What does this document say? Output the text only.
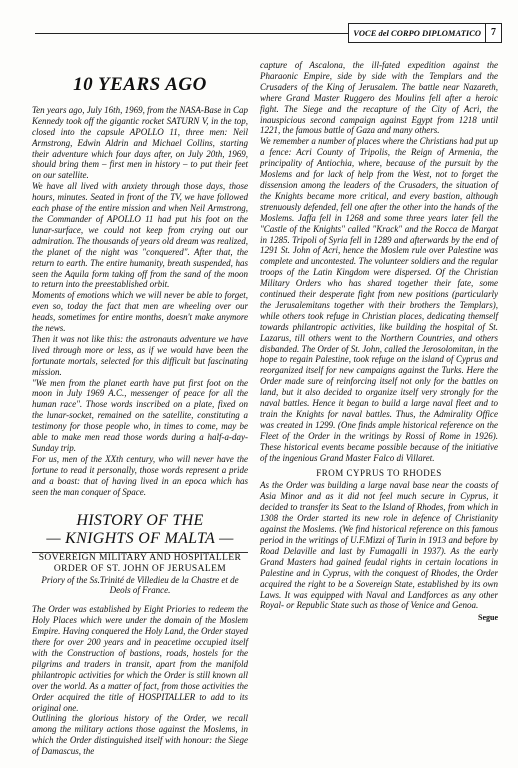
VOCE del CORPO DIPLOMATICO	7
10 YEARS AGO

Ten years ago, July 16th, 1969, from the NASA-Base in Cap Kennedy took off the gigantic rocket SATURN V, in the top, closed into the capsule APOLLO 11, three men: Neil Armstrong, Edwin Aldrin and Michael Collins, starting their adventure which four days after, on July 20th, 1969, should bring them – first men in history – to put their feet on our satellite.

We have all lived with anxiety through those days, those hours, minutes. Seated in front of the TV, we have followed each phase of the entire mission and when Neil Armstrong, the Commander of APOLLO 11 had put his foot on the lunar-surface, we could not keep from crying out our admiration. The thousands of years old dream was realized, the planet of the night was "conquered". After that, the return to earth. The entire humanity, breath suspended, has seen the Aquila form taking off from the sand of the moon to return into the preestablished orbit.

Moments of emotions which we will never be able to forget, even so, today the fact that men are wheeling over our heads, sometimes for entire months, doesn't make anymore the news.

Then it was not like this: the astronauts adventure we have lived through more or less, as if we would have been the fortunate mortals, selected for this difficult but fascinating mission.

"We men from the planet earth have put first foot on the moon in July 1969 A.C., messenger of peace for all the human race". Those words inscribed on a plate, fixed on the lunar-socket, remained on the satellite, constituting a testimony for those people who, in times to come, may be able to make men read those words during a half-a-day-Sunday trip.

For us, men of the XXth century, who will never have the fortune to read it personally, those words represent a pride and a boast: that of having lived in an epoca which has seen the man conquer of Space.

HISTORY OF THE
— KNIGHTS OF MALTA —
SOVEREIGN MILITARY AND HOSPITALLER
ORDER OF ST. JOHN OF JERUSALEM
Priory of the Ss.Trinité de Villedieu de la Chastre et de Deols of France.

The Order was established by Eight Priories to redeem the Holy Places which were under the domain of the Moslem Empire. Having conquered the Holy Land, the Order stayed there for over 200 years and in peacetime occupied itself with the Construction of bastions, roads, hostels for the pilgrims and traders in transit, apart from the manifold philantropic activities for which the Order is still known all over the world. As a matter of fact, from those activities the Order acquired the title of HOSPITALLER to add to its original one.

Outlining the glorious history of the Order, we recall among the military actions those against the Moslems, in which the Order distinguished itself with honour: the Siege of Damascus, the

capture of Ascalona, the ill-fated expedition against the Pharaonic Empire, side by side with the Templars and the Crusaders of the King of Jerusalem. The battle near Nazareth, where Grand Master Ruggero des Moulins fell after a heroic fight. The Siege and the recapture of the City of Acri, the inauspicious second campaign against Egypt from 1218 until 1221, the famous battle of Gaza and many others.

We remember a number of places where the Christians had put up a fence: Acri County of Tripolis, the Reign of Armenia, the principality of Antiochia, where, because of the pursuit by the Moslems and for lack of help from the West, not to forget the dissension among the leaders of the Crusaders, the situation of the Knights became more critical, and every bastion, although strenuously defended, fell one after the other into the hands of the Moslems. Jaffa fell in 1268 and some three years later fell the "Castle of the Knights" called "Krack" and the Rocca de Margat in 1285. Tripoli of Syria fell in 1289 and afterwards by the end of 1291 St. John of Acri, hence the Moslem rule over Palestine was complete and uncontested. The volunteer soldiers and the regular troops of the Latin Kingdom were dispersed. Of the Christian Military Orders who has shared together their fate, some continued their desperate fight from new positions (particularly the Jerusalemitans together with their brothers the Templars), while others took refuge in Christian places, dedicating themself towards philantropic activities, like building the hospital of St. Lazarus, till others went to the Northern Countries, and others disbanded. The Order of St. John, called the Jerosolomitan, in the hope to regain Palestine, took refuge on the island of Cyprus and reorganized itself for new campaigns against the Turks. Here the Order made sure of reinforcing itself not only for the battles on land, but it also decided to organize itself very strongly for the naval battles. Hence it began to build a large naval fleet and to train the Knights for naval battles. Thus, the Admirality Office was created in 1299. (One finds ample historical reference on the Fleet of the Order in the writings by Rossi of Rome in 1926). These historical events became possible because of the initiative of the ingenious Grand Master Falco di Villaret.

FROM CYPRUS TO RHODES

As the Order was building a large naval base near the coasts of Asia Minor and as it did not feel much secure in Cyprus, it decided to transfer its Seat to the Island of Rhodes, from which in 1308 the Order started its new role in defence of Christianity against the Moslems. (We find historical reference on this famous period in the writings of U.F.Mizzi of Turin in 1913 and before by Road Delaville and last by Fumagalli in 1937). As the early Grand Masters had gained feudal rights in certain locations in Palestine and in Cyprus, with the conquest of Rhodes, the Order acquired the right to be a Sovereign State, established by its own Laws. It was equipped with Naval and Landforces as any other Royal- or Republic State such as those of Venice and Genoa.

Segue
